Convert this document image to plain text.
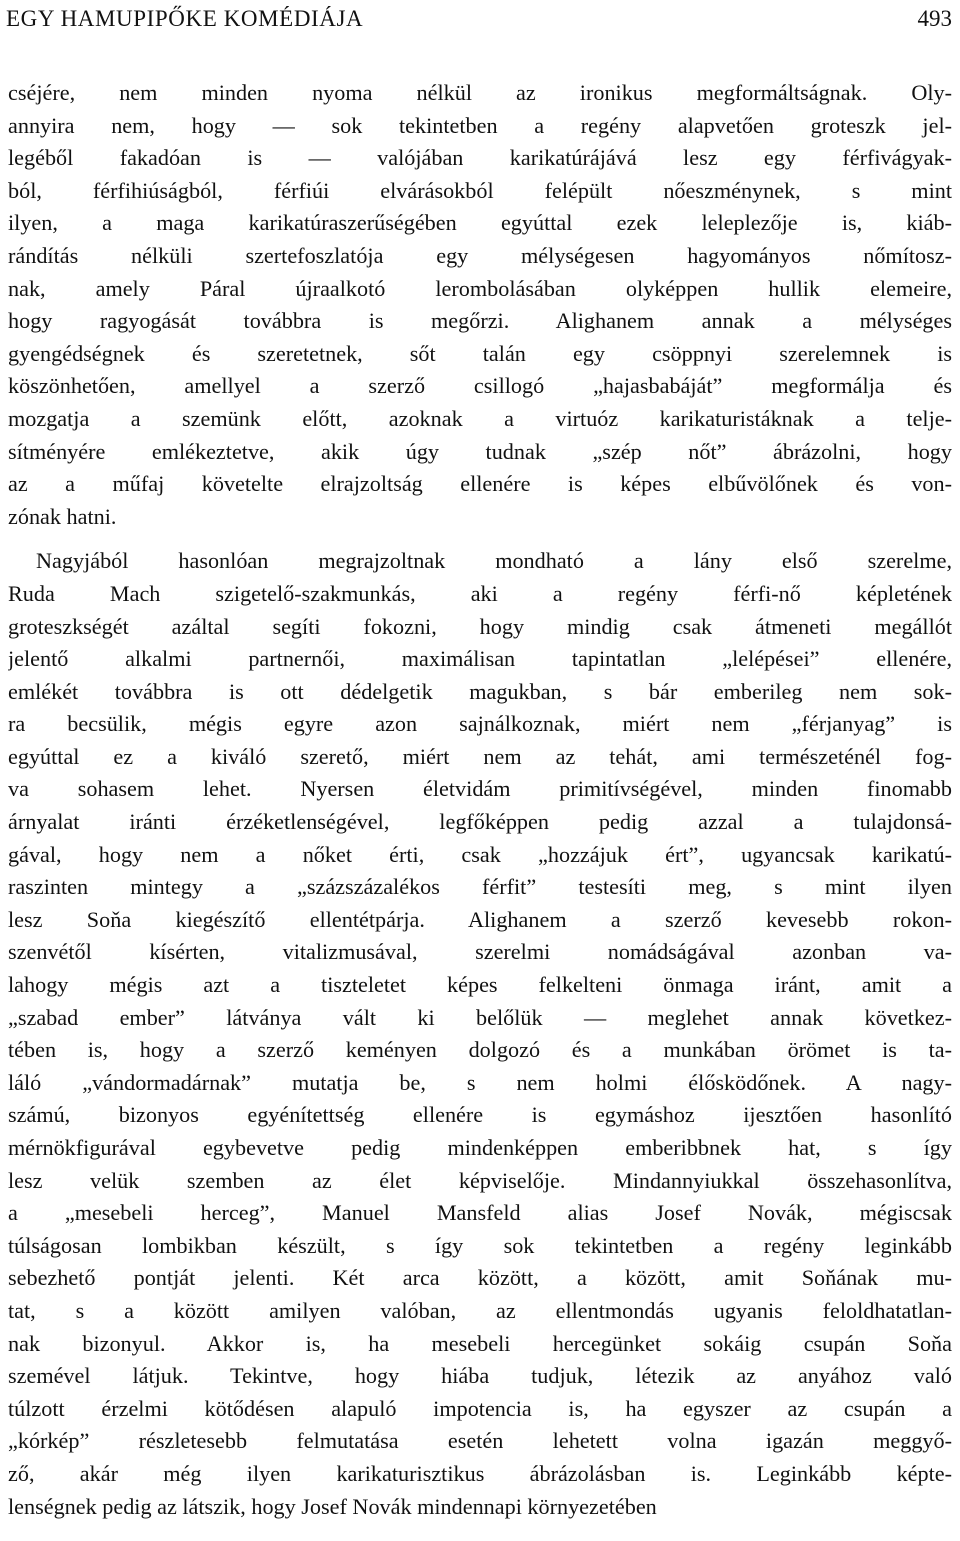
EGY HAMUPIPŐKE KOMÉDIÁJA	493
cséjére, nem minden nyoma nélkül az ironikus megformáltságnak. Oly-
annyira nem, hogy — sok tekintetben a regény alapvetően groteszk jel-
legéből fakadóan is — valójában karikatúrájává lesz egy férfivágyak-
ból, férfihiúságból, férfiúi elvárásokból felépült nőeszménynek, s mint
ilyen, a maga karikatúraszerűségében egyúttal ezek leleplezője is, kiáb-
rándítás nélküli szertefoszlatója egy mélységesen hagyományos nőmítosz-
nak, amely Páral újraalkotó lerombolásában olyképpen hullik elemeire,
hogy ragyogását továbbra is megőrzi. Alighanem annak a mélységes
gyengédségnek és szeretetnek, sőt talán egy csöppnyi szerelemnek is
köszönhetően, amellyel a szerző csillogó „hajasbabáját” megformálja és
mozgatja a szemünk előtt, azoknak a virtuóz karikaturistáknak a telje-
sítményére emlékeztetve, akik úgy tudnak „szép nőt” ábrázolni, hogy
az a műfaj követelte elrajzoltság ellenére is képes elbűvölőnek és von-
zónak hatni.
Nagyjából hasonlóan megrajzoltnak mondható a lány első szerelme,
Ruda Mach szigetelő-szakmunkás, aki a regény férfi-nő képletének
groteszkségét azáltal segíti fokozni, hogy mindig csak átmeneti megállót
jelentő alkalmi partnernői, maximálisan tapintatlan „lelépései” ellenére,
emlékét továbbra is ott dédelgetik magukban, s bár emberileg nem sok-
ra becsülik, mégis egyre azon sajnálkoznak, miért nem „férjanyag” is
egyúttal ez a kiváló szerető, miért nem az tehát, ami természeténél fog-
va sohasem lehet. Nyersen életvidám primitívségével, minden finomabb
árnyalat iránti érzéketlenségével, legfőképpen pedig azzal a tulajdonsá-
gával, hogy nem a nőket érti, csak „hozzájuk ért”, ugyancsak karikatú-
raszinten mintegy a „százszázalékos férfit” testesíti meg, s mint ilyen
lesz Soňa kiegészítő ellentétpárja. Alighanem a szerző kevesebb rokon-
szenvétől kísérten, vitalizmusával, szerelmi nomádságával azonban va-
lahogy mégis azt a tiszteletet képes felkelteni önmaga iránt, amit a
„szabad ember” látványa vált ki belőlük — meglehet annak következ-
tében is, hogy a szerző keményen dolgozó és a munkában örömet is ta-
láló „vándormadárnak” mutatja be, s nem holmi élősködőnek. A nagy-
számú, bizonyos egyénítettség ellenére is egymáshoz ijesztően hasonlító
mérnökfigurával egybevetve pedig mindenképpen emberibbnek hat, s így
lesz velük szemben az élet képviselője. Mindannyiukkal összehasonlítva,
a „mesebeli herceg”, Manuel Mansfeld alias Josef Novák, mégiscsak
túlságosan lombikban készült, s így sok tekintetben a regény leginkább
sebezhető pontját jelenti. Két arca között, a között, amit Soňának mu-
tat, s a között amilyen valóban, az ellentmondás ugyanis feloldhatatlan-
nak bizonyul. Akkor is, ha mesebeli hercegünket sokáig csupán Soňa
szemével látjuk. Tekintve, hogy hiába tudjuk, létezik az anyához való
túlzott érzelmi kötődésen alapuló impotencia is, ha egyszer az csupán a
„kórkép” részletesebb felmutatása esetén lehetett volna igazán meggyő-
ző, akár még ilyen karikaturisztikus ábrázolásban is. Leginkább képte-
lenségnek pedig az látszik, hogy Josef Novák mindennapi környezetében
